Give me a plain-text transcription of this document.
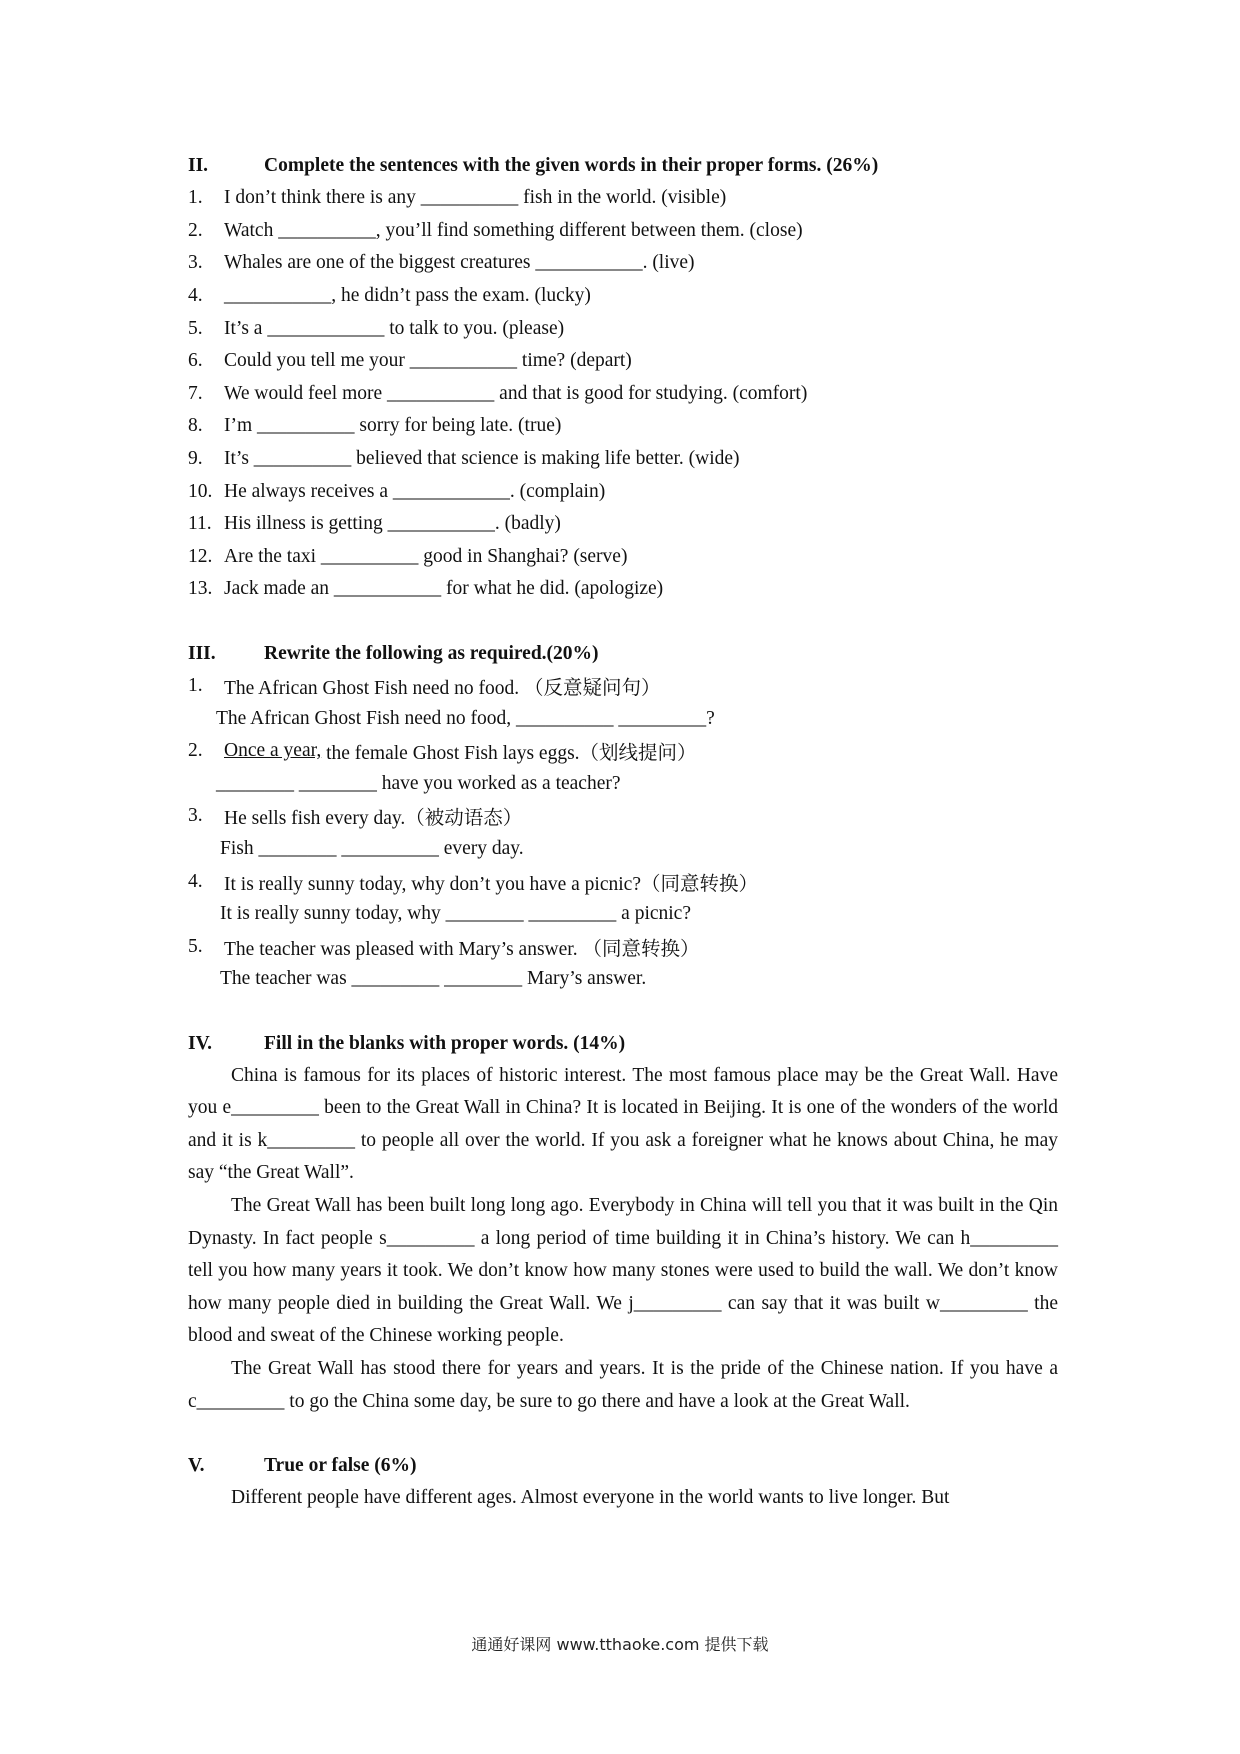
II.	Complete the sentences with the given words in their proper forms. (26%)
1.	I don’t think there is any __________ fish in the world. (visible)
2.	Watch __________, you’ll find something different between them. (close)
3.	Whales are one of the biggest creatures ___________. (live)
4.	___________, he didn’t pass the exam. (lucky)
5.	It’s a ____________ to talk to you. (please)
6.	Could you tell me your ___________ time? (depart)
7.	We would feel more ___________ and that is good for studying. (comfort)
8.	I’m __________ sorry for being late. (true)
9.	It’s __________ believed that science is making life better. (wide)
10. He always receives a ____________. (complain)
11. His illness is getting ___________. (badly)
12. Are the taxi __________ good in Shanghai? (serve)
13. Jack made an ___________ for what he did. (apologize)
III.	Rewrite the following as required.(20%)
1.	The African Ghost Fish need no food. （反意疑问句）
The African Ghost Fish need no food, __________ _________?
2.	Once a year, the female Ghost Fish lays eggs.（划线提问）
________ ________ have you worked as a teacher?
3.	He sells fish every day.（被动语态）
Fish ________ __________ every day.
4.	It is really sunny today, why don’t you have a picnic?（同意转换）
It is really sunny today, why ________ _________ a picnic?
5.	The teacher was pleased with Mary’s answer. （同意转换）
The teacher was _________ ________ Mary’s answer.
IV.	Fill in the blanks with proper words. (14%)

China is famous for its places of historic interest. The most famous place may be the Great Wall. Have you e_________ been to the Great Wall in China? It is located in Beijing. It is one of the wonders of the world and it is k_________ to people all over the world. If you ask a foreigner what he knows about China, he may say “the Great Wall”.

The Great Wall has been built long long ago. Everybody in China will tell you that it was built in the Qin Dynasty. In fact people s_________ a long period of time building it in China’s history. We can h_________ tell you how many years it took. We don’t know how many stones were used to build the wall. We don’t know how many people died in building the Great Wall. We j_________ can say that it was built w_________ the blood and sweat of the Chinese working people.

The Great Wall has stood there for years and years. It is the pride of the Chinese nation. If you have a c_________ to go the China some day, be sure to go there and have a look at the Great Wall.

V.	True or false (6%)

Different people have different ages. Almost everyone in the world wants to live longer. But

通通好课网 www.tthaoke.com 提供下载
